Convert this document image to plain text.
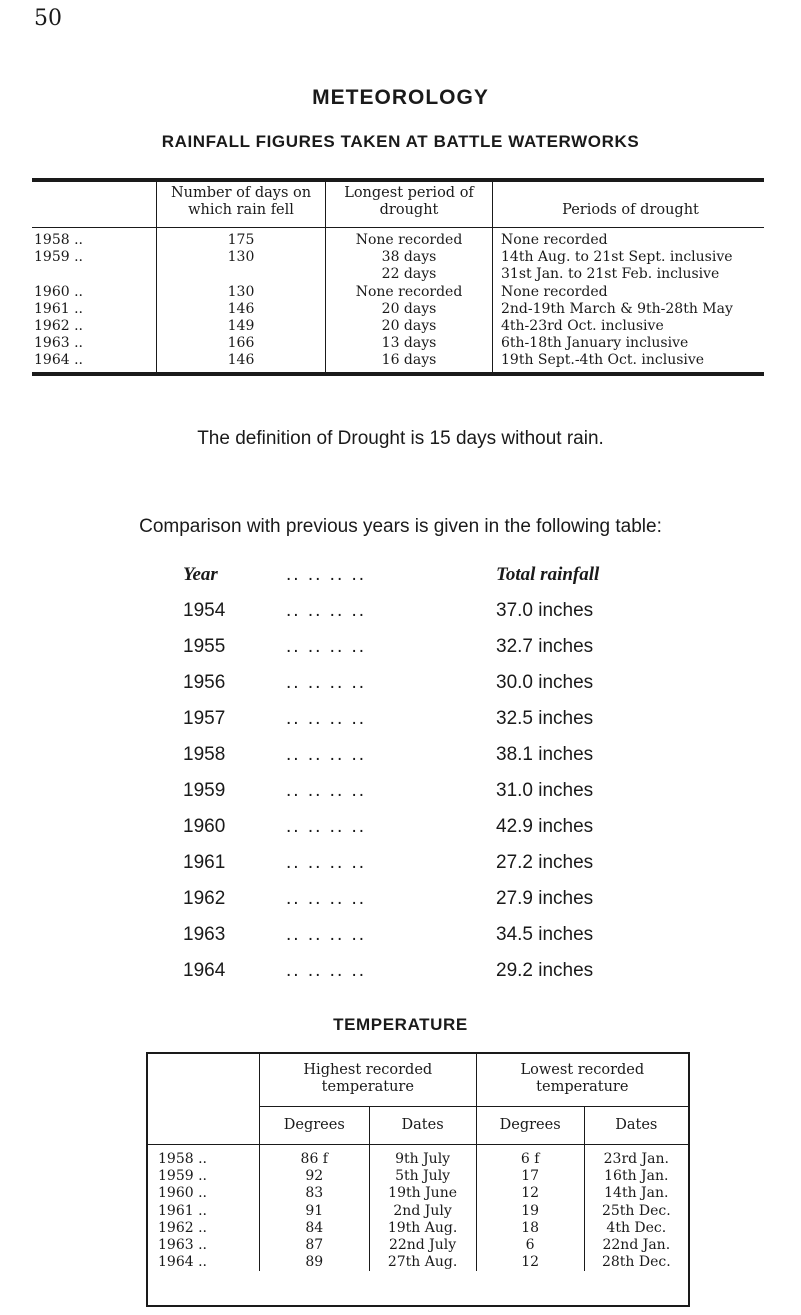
50
METEOROLOGY
RAINFALL FIGURES TAKEN AT BATTLE WATERWORKS
	Number of days on which rain fell	Longest period of drought	Periods of drought
1958 ..	175	None recorded	None recorded
1959 ..	130	38 days	14th Aug. to 21st Sept. inclusive
		22 days	31st Jan. to 21st Feb. inclusive
1960 ..	130	None recorded	None recorded
1961 ..	146	20 days	2nd-19th March & 9th-28th May
1962 ..	149	20 days	4th-23rd Oct. inclusive
1963 ..	166	13 days	6th-18th January inclusive
1964 ..	146	16 days	19th Sept.-4th Oct. inclusive
The definition of Drought is 15 days without rain.
Comparison with previous years is given in the following table:
Year	.. .. .. ..	Total rainfall
1954	.. .. .. ..	37.0 inches
1955	.. .. .. ..	32.7 inches
1956	.. .. .. ..	30.0 inches
1957	.. .. .. ..	32.5 inches
1958	.. .. .. ..	38.1 inches
1959	.. .. .. ..	31.0 inches
1960	.. .. .. ..	42.9 inches
1961	.. .. .. ..	27.2 inches
1962	.. .. .. ..	27.9 inches
1963	.. .. .. ..	34.5 inches
1964	.. .. .. ..	29.2 inches
TEMPERATURE
	Highest recorded temperature		Lowest recorded temperature	
	Degrees	Dates	Degrees	Dates
1958 ..	86 f	9th July	6 f	23rd Jan.
1959 ..	92	5th July	17	16th Jan.
1960 ..	83	19th June	12	14th Jan.
1961 ..	91	2nd July	19	25th Dec.
1962 ..	84	19th Aug.	18	4th Dec.
1963 ..	87	22nd July	6	22nd Jan.
1964 ..	89	27th Aug.	12	28th Dec.
